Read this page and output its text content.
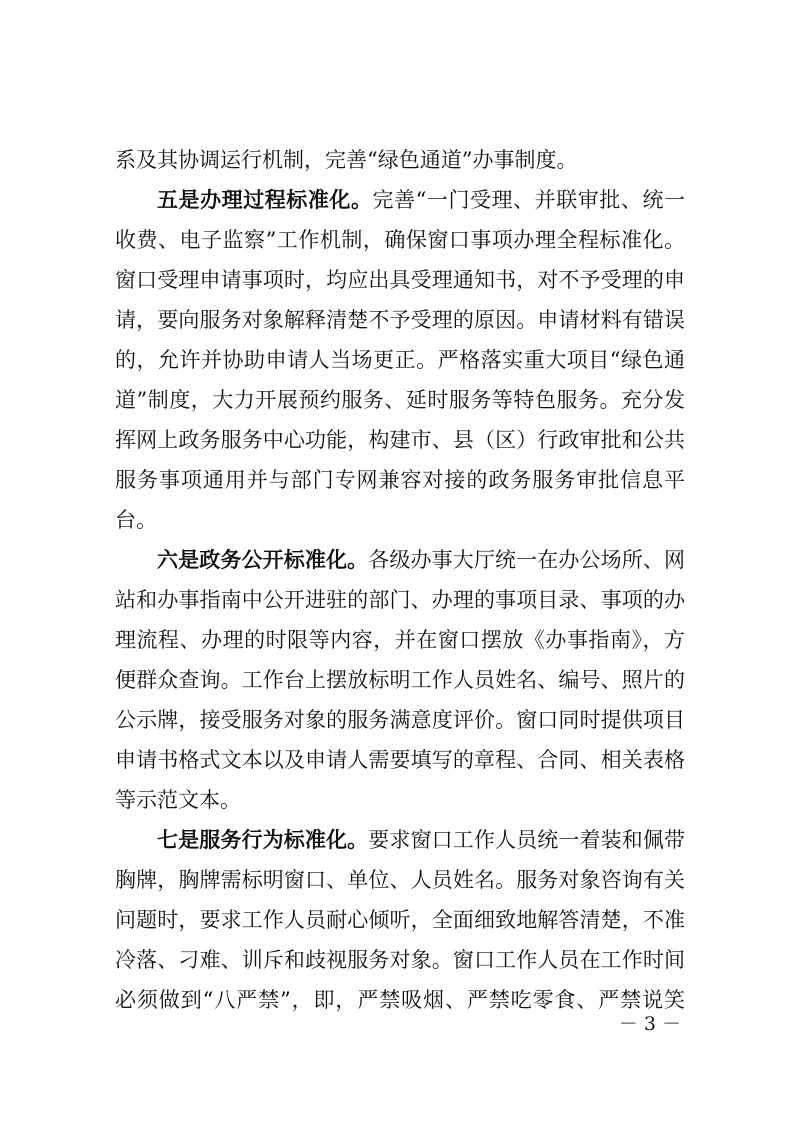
系及其协调运行机制，完善“绿色通道”办事制度。

五是办理过程标准化。完善“一门受理、并联审批、统一

收费、电子监察”工作机制，确保窗口事项办理全程标准化。

窗口受理申请事项时，均应出具受理通知书，对不予受理的申

请，要向服务对象解释清楚不予受理的原因。申请材料有错误

的，允许并协助申请人当场更正。严格落实重大项目“绿色通

道”制度，大力开展预约服务、延时服务等特色服务。充分发

挥网上政务服务中心功能，构建市、县（区）行政审批和公共

服务事项通用并与部门专网兼容对接的政务服务审批信息平

台。

六是政务公开标准化。各级办事大厅统一在办公场所、网

站和办事指南中公开进驻的部门、办理的事项目录、事项的办

理流程、办理的时限等内容，并在窗口摆放《办事指南》，方

便群众查询。工作台上摆放标明工作人员姓名、编号、照片的

公示牌，接受服务对象的服务满意度评价。窗口同时提供项目

申请书格式文本以及申请人需要填写的章程、合同、相关表格

等示范文本。

七是服务行为标准化。要求窗口工作人员统一着装和佩带

胸牌，胸牌需标明窗口、单位、人员姓名。服务对象咨询有关

问题时，要求工作人员耐心倾听，全面细致地解答清楚，不准

冷落、刁难、训斥和歧视服务对象。窗口工作人员在工作时间

必须做到“八严禁”，即，严禁吸烟、严禁吃零食、严禁说笑

－ 3 －
